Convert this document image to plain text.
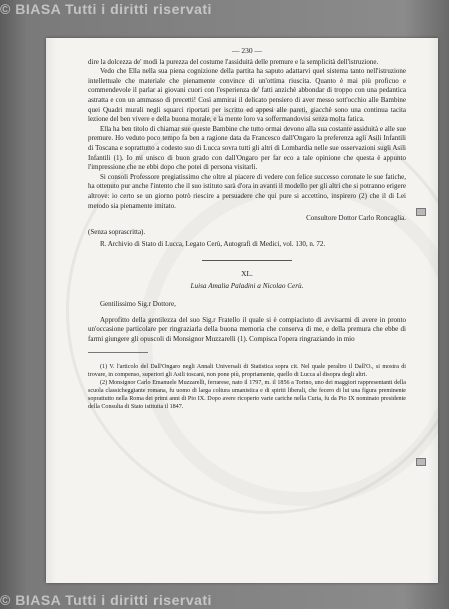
© BIASA Tutti i diritti riservati
— 230 —

dire la dolcezza de' modi la purezza del costume l'assiduità delle premure e la semplicità dell'istruzione.

Vedo che Ella nella sua piena cognizione della partita ha saputo adattarvi quel sistema tanto nell'istruzione intellettuale che materiale che pienamente convince di un'ottima riuscita. Quanto è mai più proficuo e commendevole il parlar ai giovani cuori con l'esperienza de' fatti anzichè abbondar di troppo con una pedantica astratta e con un ammasso di precetti! Così ammirai il delicato pensiero di aver messo sott'occhio alle Bambine quei Quadri murali negli squarci riportati per iscritto ed appesi alle pareti, giacchè sono una continua tacita lezione del ben vivere e della buona morale, e la mente loro va soffermandovisi senza molta fatica.

Ella ha ben titolo di chiamar sue queste Bambine che tutto ormai devono alla sua costante assiduità e alle sue premure. Ho veduto poco tempo fa ben a ragione data da Francesco dall'Ongaro la preferenza agli Asili Infantili di Toscana e soprattutto a codesto suo di Lucca sovra tutti gli altri di Lombardia nelle sue osservazioni sugli Asili Infantili (1). Io mi unisco di buon grado con dall'Ongaro per far eco a tale opinione che questa è appunto l'impressione che ne ebbi dopo che potei di persona visitarli.

Si consoli Professore pregiatissimo che oltre al piacere di vedere con felice successo coronate le sue fatiche, ha ottenuto pur anche l'intento che il suo istituto sarà d'ora in avanti il modello per gli altri che si potranno erigere altrove: io certo se un giorno potrò riescire a persuadere che qui pure si accettino, inspirero (2) che il di Lei metodo sia pienamente imitato.

Consultore Dottor Carlo Roncaglia.

(Senza soprascritta).

R. Archivio di Stato di Lucca, Legato Cerù, Autografi di Medici, vol. 130, n. 72.

XL.
Luisa Amalia Paladini a Nicolao Cerù.

Gentilissimo Sig.r Dottore,

Approfitto della gentilezza del suo Sig.r Fratello il quale si è compiaciuto di avvisarmi di avere in pronto un'occasione particolare per ringraziarla della buona memoria che conserva di me, e della premura che ebbe di farmi giungere gli opuscoli di Monsignor Muzzarelli (1). Compisca l'opera ringraziando in mio

(1) V. l'articolo del Dall'Ongaro negli Annali Universali di Statistica sopra cit. Nel quale peraltro il Dall'O., si mostra di trovare, in compenso, superiori gli Asili toscani, non pone più, propriamente, quello di Lucca al disopra degli altri.

(2) Monsignor Carlo Emanuele Muzzarelli, ferrarese, nato il 1797, m. il 1856 a Torino, uno dei maggiori rappresentanti della scuola classicheggiante romana, fu uomo di larga coltura umanistica e di spiriti liberali, che fecero di lui una figura preminente soprattutto nella Roma dei primi anni di Pio IX. Dopo avere ricoperto varie cariche nella Curia, fu da Pio IX nominato presidente della Consulta di Stato istituita il 1847.

© BIASA Tutti i diritti riservati
